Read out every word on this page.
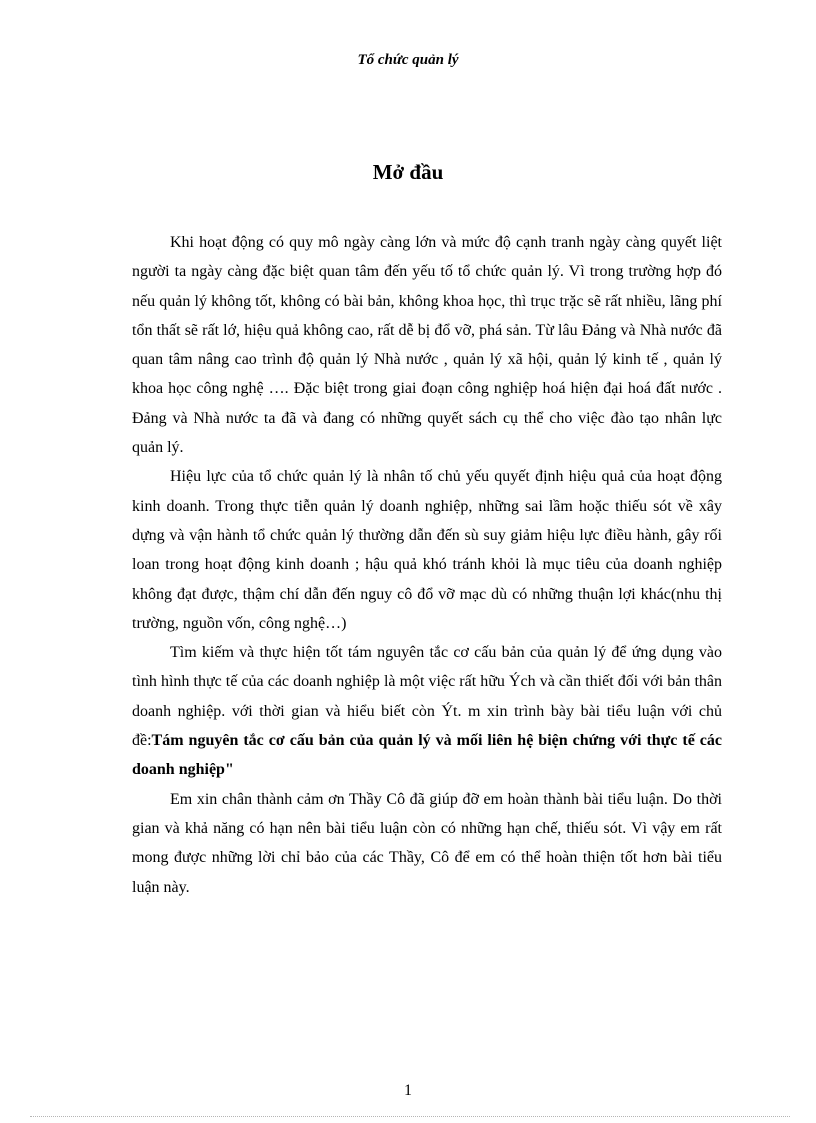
Tổ chức quản lý
Mở đầu

Khi hoạt động có quy mô ngày càng lớn và mức độ cạnh tranh ngày càng quyết liệt người ta ngày càng đặc biệt quan tâm đến yếu tố tổ chức quản lý. Vì trong trường hợp đó nếu quản lý không tốt, không có bài bản, không khoa học, thì trục trặc sẽ rất nhiều, lãng phí tổn thất sẽ rất lớ, hiệu quả không cao, rất dễ bị đổ vỡ, phá sản. Từ lâu Đảng và Nhà nước đã quan tâm nâng cao trình độ quản lý Nhà nước , quản lý xã hội, quản lý kinh tế , quản lý khoa học công nghệ …. Đặc biệt trong giai đoạn công nghiệp hoá hiện đại hoá đất nước . Đảng và Nhà nước ta đã và đang có những quyết sách cụ thể cho việc đào tạo nhân lực quản lý.

Hiệu lực của tổ chức quản lý là nhân tố chủ yếu quyết định hiệu quả của hoạt động kinh doanh. Trong thực tiễn quản lý doanh nghiệp, những sai lầm hoặc thiếu sót về xây dựng và vận hành tổ chức quản lý thường dẫn đến sù suy giảm hiệu lực điều hành, gây rối loan trong hoạt động kinh doanh ; hậu quả khó tránh khỏi là mục tiêu của doanh nghiệp không đạt được, thậm chí dẫn đến nguy cô đổ vỡ mạc dù có những thuận lợi khác(nhu thị trường, nguồn vốn, công nghệ…)

Tìm kiếm và thực hiện tốt tám nguyên tắc cơ cấu bản của quản lý để ứng dụng vào tình hình thực tế của các doanh nghiệp là một việc rất hữu Ých và cần thiết đối với bản thân doanh nghiệp. với thời gian và hiểu biết còn Ýt. m xin trình bày bài tiểu luận với chủ đề:Tám nguyên tắc cơ cấu bản của quản lý và mối liên hệ biện chứng với thực tế các doanh nghiệp"

Em xin chân thành cảm ơn Thầy Cô đã giúp đỡ em hoàn thành bài tiểu luận. Do thời gian và khả năng có hạn nên bài tiểu luận còn có những hạn chế, thiếu sót. Vì vậy em rất mong được những lời chỉ bảo của các Thầy, Cô để em có thể hoàn thiện tốt hơn bài tiểu luận này.

1
